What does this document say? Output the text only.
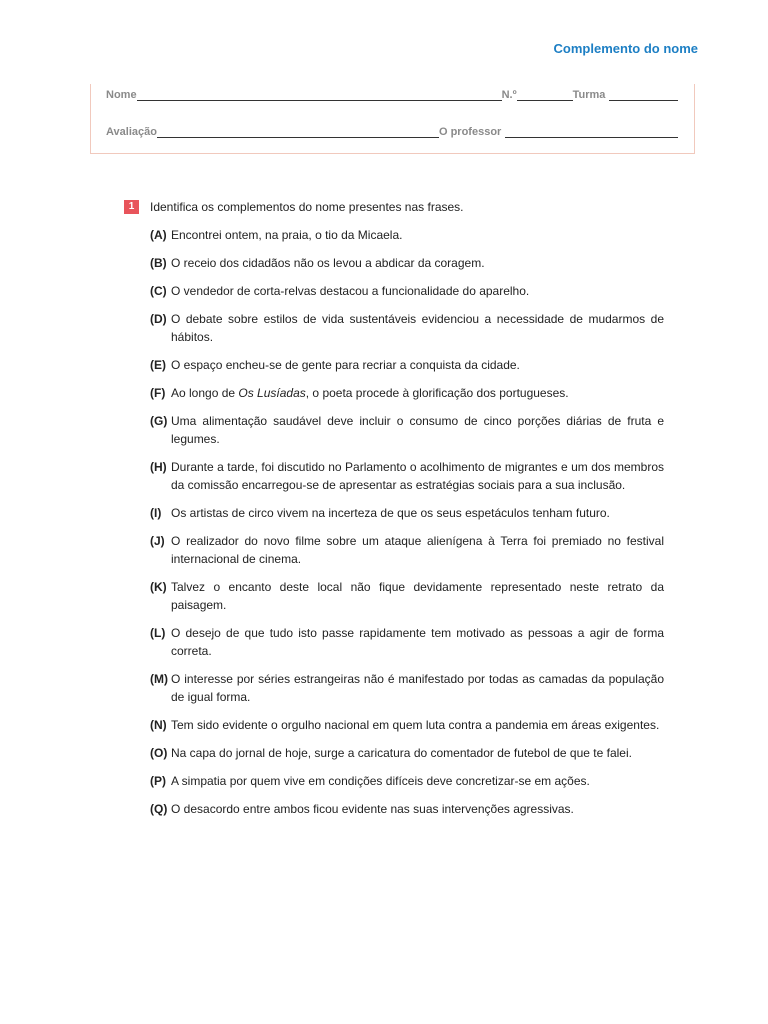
Complemento do nome
Nome	N.º	Turma
Avaliação	O professor
1	Identifica os complementos do nome presentes nas frases.
(A) Encontrei ontem, na praia, o tio da Micaela.
(B) O receio dos cidadãos não os levou a abdicar da coragem.
(C) O vendedor de corta-relvas destacou a funcionalidade do aparelho.
(D) O debate sobre estilos de vida sustentáveis evidenciou a necessidade de mudarmos de hábitos.
(E) O espaço encheu-se de gente para recriar a conquista da cidade.
(F) Ao longo de Os Lusíadas, o poeta procede à glorificação dos portugueses.
(G) Uma alimentação saudável deve incluir o consumo de cinco porções diárias de fruta e legumes.
(H) Durante a tarde, foi discutido no Parlamento o acolhimento de migrantes e um dos membros da comissão encarregou-se de apresentar as estratégias sociais para a sua inclusão.
(I) Os artistas de circo vivem na incerteza de que os seus espetáculos tenham futuro.
(J) O realizador do novo filme sobre um ataque alienígena à Terra foi premiado no festival internacional de cinema.
(K) Talvez o encanto deste local não fique devidamente representado neste retrato da paisagem.
(L) O desejo de que tudo isto passe rapidamente tem motivado as pessoas a agir de forma correta.
(M) O interesse por séries estrangeiras não é manifestado por todas as camadas da população de igual forma.
(N) Tem sido evidente o orgulho nacional em quem luta contra a pandemia em áreas exigentes.
(O) Na capa do jornal de hoje, surge a caricatura do comentador de futebol de que te falei.
(P) A simpatia por quem vive em condições difíceis deve concretizar-se em ações.
(Q) O desacordo entre ambos ficou evidente nas suas intervenções agressivas.
